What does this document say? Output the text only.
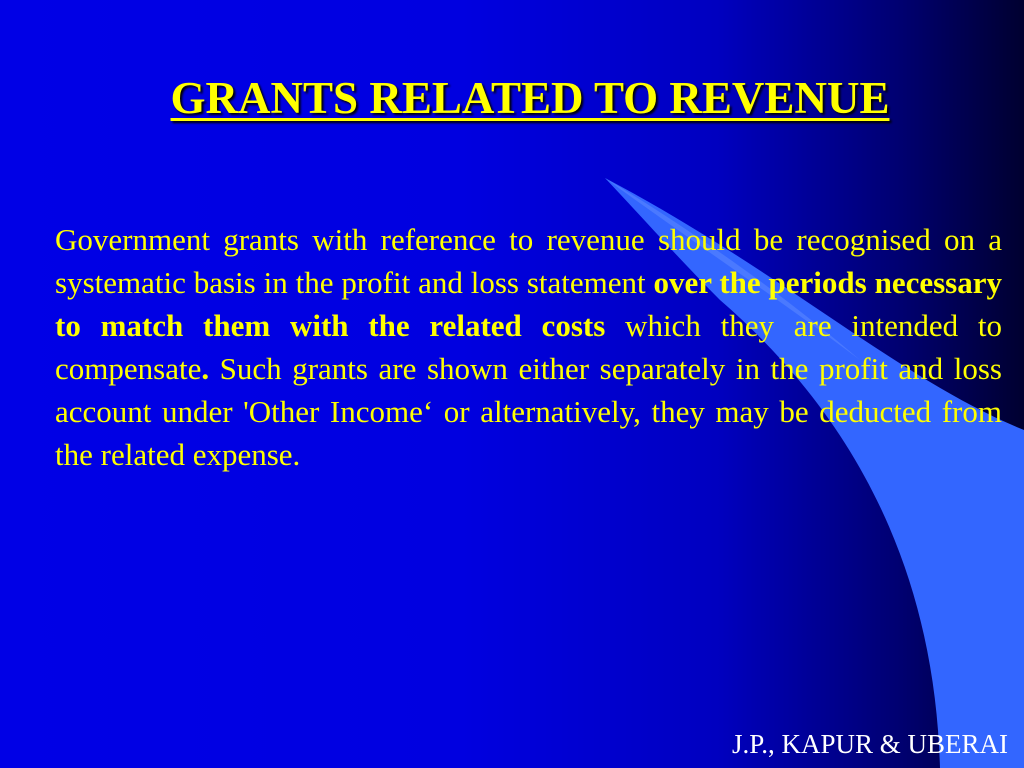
GRANTS RELATED TO REVENUE

Government grants with reference to revenue should be recognised on a systematic basis in the profit and loss statement over the periods necessary to match them with the related costs which they are intended to compensate. Such grants are shown either separately in the profit and loss account under 'Other Income‘ or alternatively, they may be deducted from the related expense.

J.P., KAPUR & UBERAI
